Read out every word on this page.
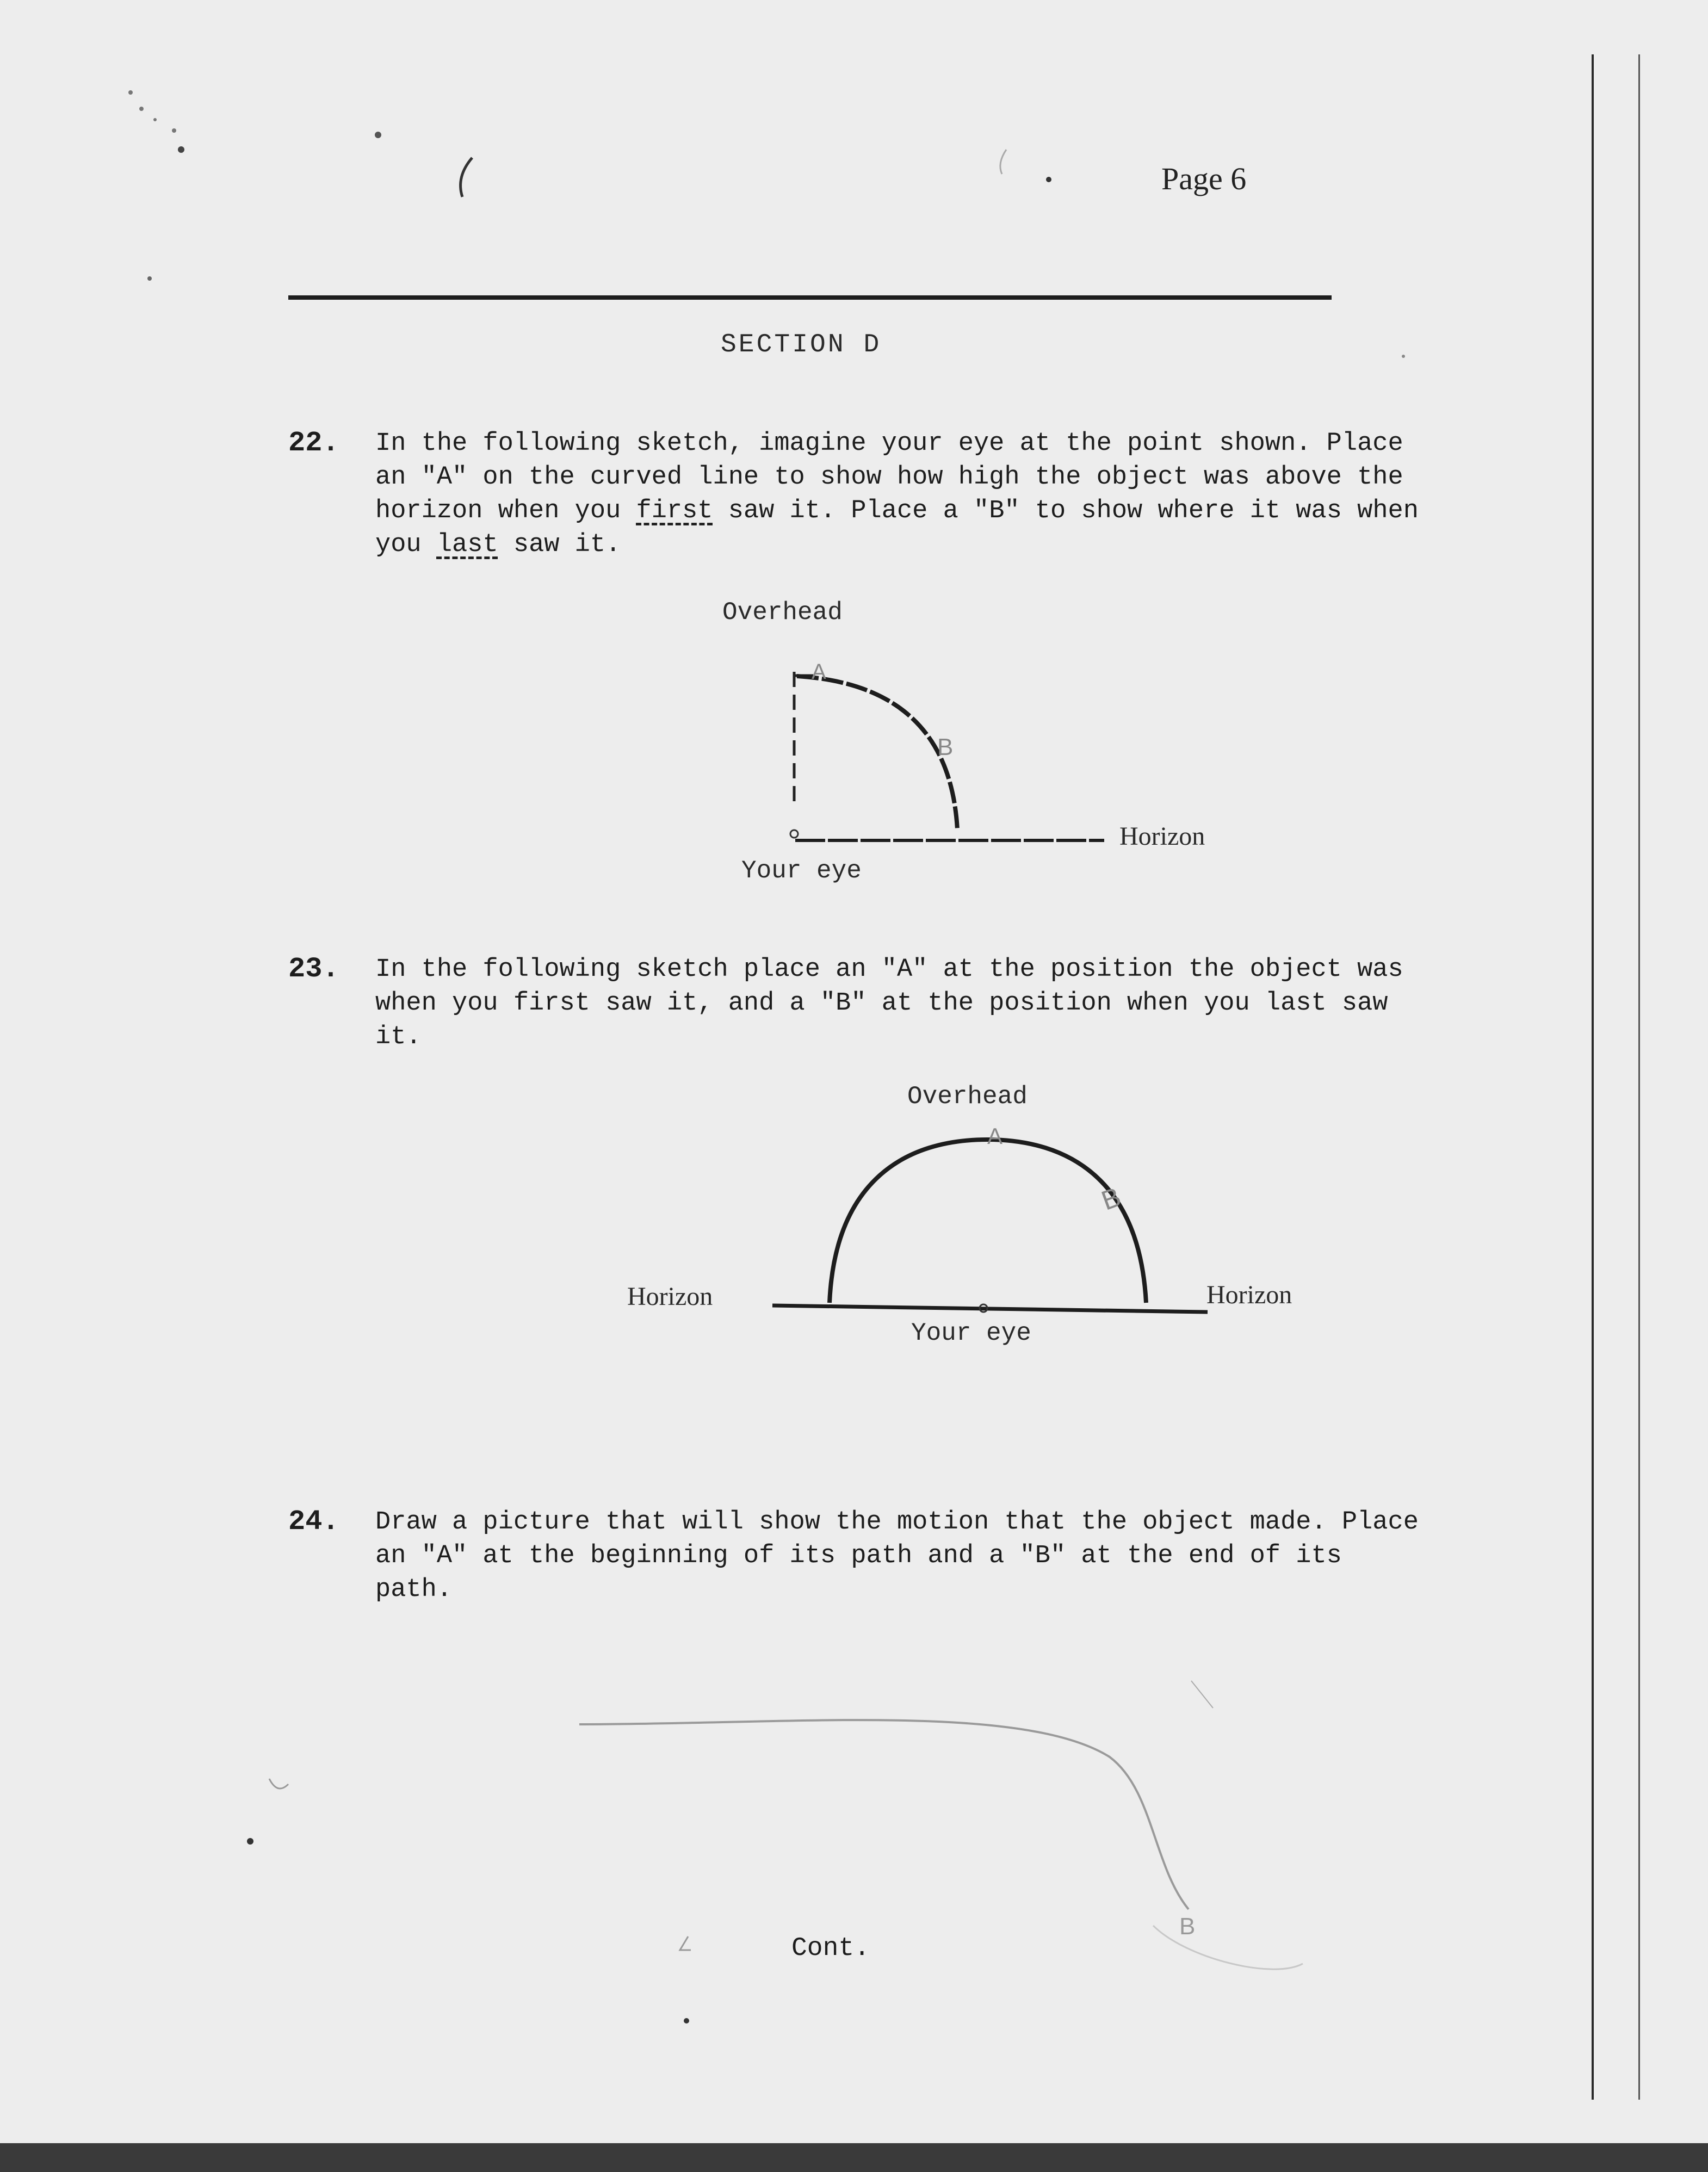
Page 6
SECTION D
22. In the following sketch, imagine your eye at the point shown. Place an "A" on the curved line to show how high the object was above the horizon when you first saw it. Place a "B" to show where it was when you last saw it.
Overhead
Horizon
Your eye
A
B
23. In the following sketch place an "A" at the position the object was when you first saw it, and a "B" at the position when you last saw it.
Overhead
Horizon	Horizon
Your eye
A
B
24. Draw a picture that will show the motion that the object made. Place an "A" at the beginning of its path and a "B" at the end of its path.
B
Cont.
